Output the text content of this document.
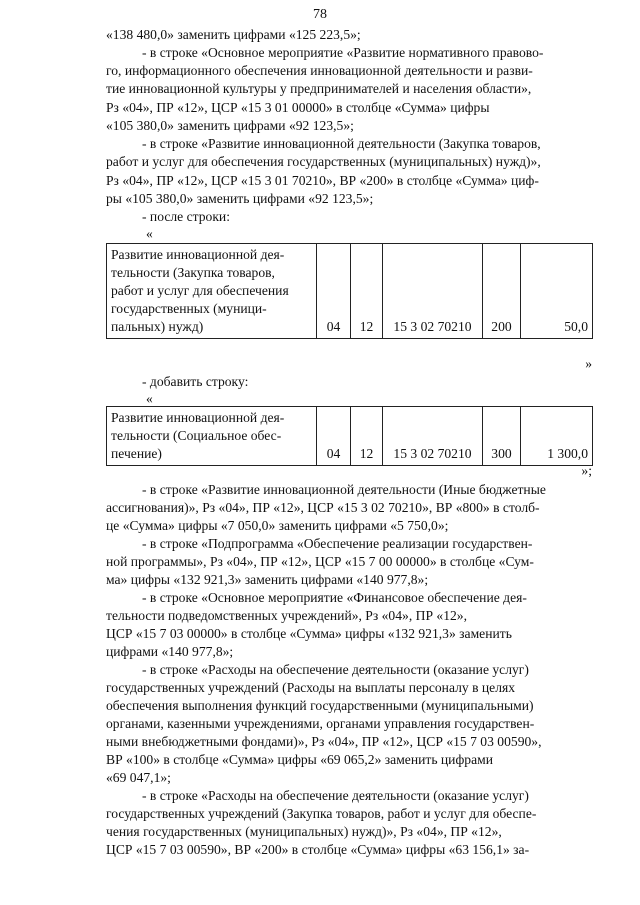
78
«138 480,0» заменить цифрами «125 223,5»;
- в строке «Основное мероприятие «Развитие нормативного правово-
го, информационного обеспечения инновационной деятельности и разви-
тие инновационной культуры у предпринимателей и населения области»,
Рз «04», ПР «12», ЦСР «15 3 01 00000» в столбце «Сумма» цифры
«105 380,0» заменить цифрами «92 123,5»;
- в строке «Развитие инновационной деятельности (Закупка товаров,
работ и услуг для обеспечения государственных (муниципальных) нужд)»,
Рз «04», ПР «12», ЦСР «15 3 01 70210», ВР «200» в столбце «Сумма» циф-
ры «105 380,0» заменить цифрами «92 123,5»;
- после строки:
«
Развитие инновационной дея-
тельности (Закупка товаров,
работ и услуг для обеспечения
государственных (муници-
пальных) нужд)	04	12	15 3 02 70210	200	50,0
»
- добавить строку:
«
Развитие инновационной дея-
тельности (Социальное обес-
печение)	04	12	15 3 02 70210	300	1 300,0
»;
- в строке «Развитие инновационной деятельности (Иные бюджетные
ассигнования)», Рз «04», ПР «12», ЦСР «15 3 02 70210», ВР «800» в столб-
це «Сумма» цифры «7 050,0» заменить цифрами «5 750,0»;
- в строке «Подпрограмма «Обеспечение реализации государствен-
ной программы», Рз «04», ПР «12», ЦСР «15 7 00 00000» в столбце «Сум-
ма» цифры «132 921,3» заменить цифрами «140 977,8»;
- в строке «Основное мероприятие «Финансовое обеспечение дея-
тельности подведомственных учреждений», Рз «04», ПР «12»,
ЦСР «15 7 03 00000» в столбце «Сумма» цифры «132 921,3» заменить
цифрами «140 977,8»;
- в строке «Расходы на обеспечение деятельности (оказание услуг)
государственных учреждений (Расходы на выплаты персоналу в целях
обеспечения выполнения функций государственными (муниципальными)
органами, казенными учреждениями, органами управления государствен-
ными внебюджетными фондами)», Рз «04», ПР «12», ЦСР «15 7 03 00590»,
ВР «100» в столбце «Сумма» цифры «69 065,2» заменить цифрами
«69 047,1»;
- в строке «Расходы на обеспечение деятельности (оказание услуг)
государственных учреждений (Закупка товаров, работ и услуг для обеспе-
чения государственных (муниципальных) нужд)», Рз «04», ПР «12»,
ЦСР «15 7 03 00590», ВР «200» в столбце «Сумма» цифры «63 156,1» за-
